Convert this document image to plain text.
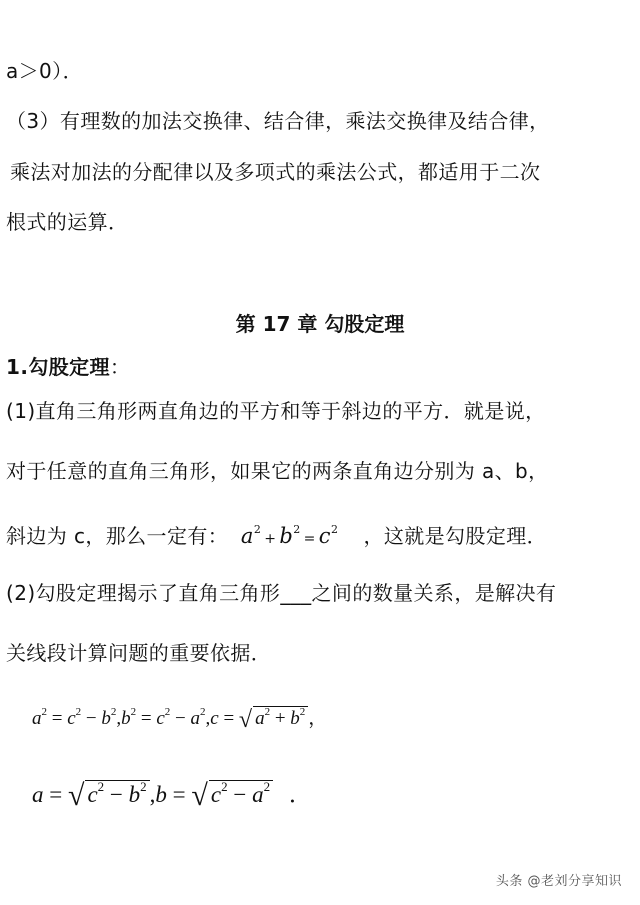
a＞0）．
（3）有理数的加法交换律、结合律，乘法交换律及结合律，
乘法对加法的分配律以及多项式的乘法公式，都适用于二次
根式的运算．
第 17 章 勾股定理
1.勾股定理：
(1)直角三角形两直角边的平方和等于斜边的平方．就是说，
对于任意的直角三角形，如果它的两条直角边分别为 a、b，
斜边为 c，那么一定有： $a^2+ b^2= c^2$ ，这就是勾股定理．
(2)勾股定理揭示了直角三角形___之间的数量关系，是解决有
关线段计算问题的重要依据．
$a^2 = c^2 - b^2,b^2 = c^2 - a^2,c$ = √ $a^2 + b^2$ ，
a = √ $c^2 - b^2$ ,b = √ $c^2 - a^2$ ．
头条 @老刘分享知识
